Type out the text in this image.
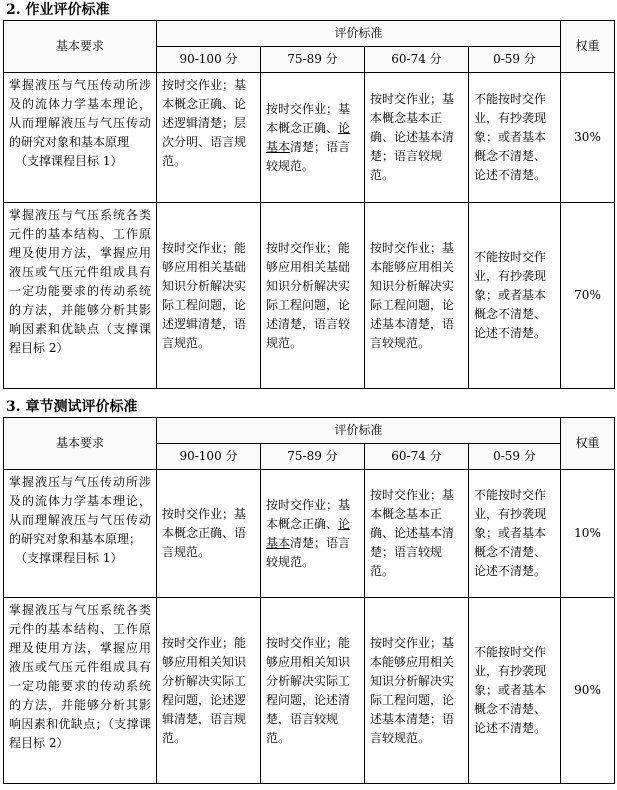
2. 作业评价标准
基本要求	评价标准				权重
	90-100 分	75-89 分	60-74 分	0-59 分	
掌握液压与气压传动所涉及的流体力学基本理论，从而理解液压与气压传动的研究对象和基本原理
（支撑课程目标 1）	按时交作业；基本概念正确、论述逻辑清楚；层次分明、语言规范。	按时交作业；基本概念正确、论基本清楚；语言较规范。	按时交作业；基本概念基本正确、论述基本清楚；语言较规范。	不能按时交作业，有抄袭现象；或者基本概念不清楚、论述不清楚。	30%
掌握液压与气压系统各类元件的基本结构、工作原理及使用方法，掌握应用液压或气压元件组成具有一定功能要求的传动系统的方法，并能够分析其影响因素和优缺点（支撑课程目标 2）	按时交作业；能够应用相关基础知识分析解决实际工程问题，论述逻辑清楚，语言规范。	按时交作业；能够应用相关基础知识分析解决实际工程问题，论述清楚，语言较规范。	按时交作业；基本能够应用相关知识分析解决实际工程问题，论述基本清楚，语言较规范。	不能按时交作业，有抄袭现象；或者基本概念不清楚、论述不清楚。	70%
3. 章节测试评价标准
基本要求	评价标准				权重
	90-100 分	75-89 分	60-74 分	0-59 分	
掌握液压与气压传动所涉及的流体力学基本理论，从而理解液压与气压传动的研究对象和基本原理；
（支撑课程目标 1）	按时交作业；基本概念正确、语言规范。	按时交作业；基本概念正确、论基本清楚；语言较规范。	按时交作业；基本概念基本正确、论述基本清楚；语言较规范。	不能按时交作业，有抄袭现象；或者基本概念不清楚、论述不清楚。	10%
掌握液压与气压系统各类元件的基本结构、工作原理及使用方法，掌握应用液压或气压元件组成具有一定功能要求的传动系统的方法，并能够分析其影响因素和优缺点；（支撑课程目标 2）	按时交作业；能够应用相关知识分析解决实际工程问题，论述逻辑清楚，语言规范。	按时交作业；能够应用相关知识分析解决实际工程问题，论述清楚，语言较规范。	按时交作业；基本能够应用相关知识分析解决实际工程问题，论述基本清楚；语言较规范。	不能按时交作业，有抄袭现象；或者基本概念不清楚、论述不清楚。	90%
